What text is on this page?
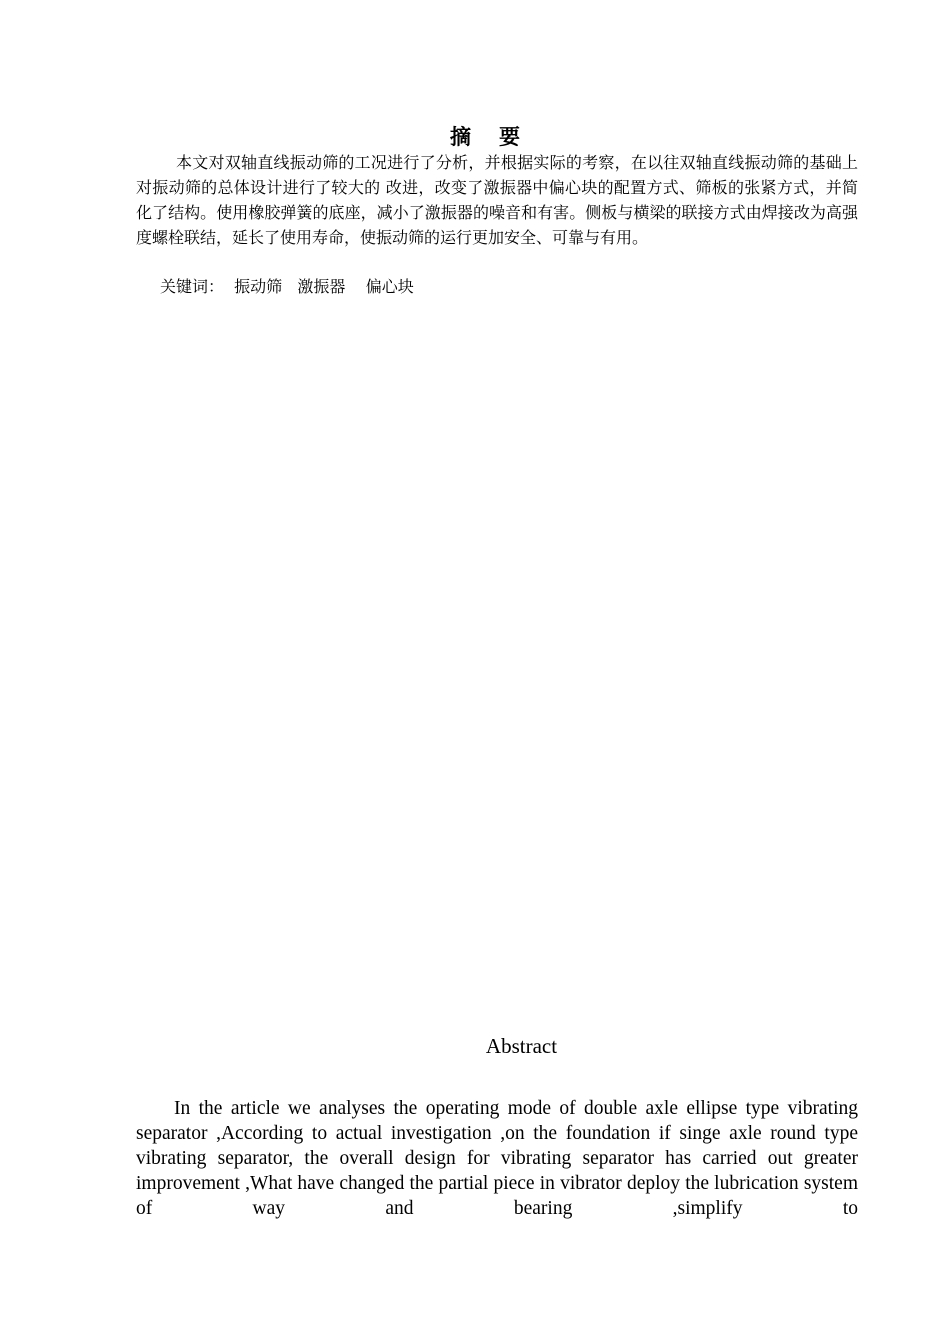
摘要

本文对双轴直线振动筛的工况进行了分析，并根据实际的考察，在以往双轴直线振动筛的基础上对振动筛的总体设计进行了较大的 改进，改变了激振器中偏心块的配置方式、筛板的张紧方式，并简化了结构。使用橡胶弹簧的底座，减小了激振器的噪音和有害。侧板与横梁的联接方式由焊接改为高强度螺栓联结，延长了使用寿命，使振动筛的运行更加安全、可靠与有用。

关键词：  振动筛   激振器    偏心块

Abstract

In the article we analyses the operating mode of double axle ellipse type vibrating separator ,According to actual investigation ,on the foundation if singe axle round type vibrating separator, the overall design for vibrating separator has carried out greater improvement ,What have changed the partial piece in vibrator deploy the lubrication system of way and bearing ,simplify to
